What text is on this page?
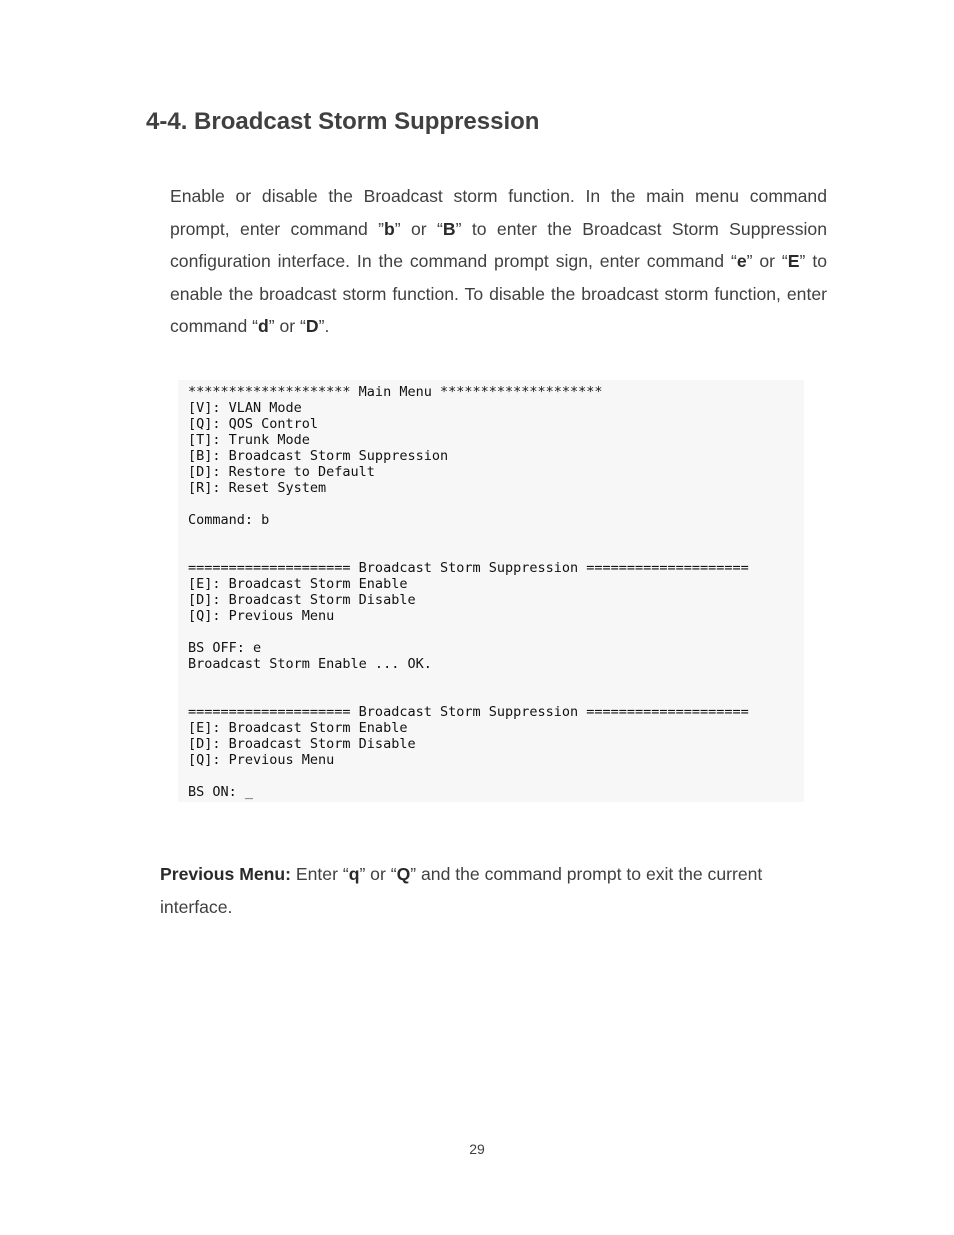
4-4. Broadcast Storm Suppression

Enable or disable the Broadcast storm function. In the main menu command prompt, enter command ”b” or “B” to enter the Broadcast Storm Suppression configuration interface. In the command prompt sign, enter command “e” or “E” to enable the broadcast storm function. To disable the broadcast storm function, enter command “d” or “D”.

******************** Main Menu ********************
[V]: VLAN Mode
[Q]: QOS Control
[T]: Trunk Mode
[B]: Broadcast Storm Suppression
[D]: Restore to Default
[R]: Reset System

Command: b

==================== Broadcast Storm Suppression ====================
[E]: Broadcast Storm Enable
[D]: Broadcast Storm Disable
[Q]: Previous Menu

BS OFF: e
Broadcast Storm Enable ... OK.

==================== Broadcast Storm Suppression ====================
[E]: Broadcast Storm Enable
[D]: Broadcast Storm Disable
[Q]: Previous Menu

BS ON: _

Previous Menu: Enter “q” or “Q” and the command prompt to exit the current interface.

29
